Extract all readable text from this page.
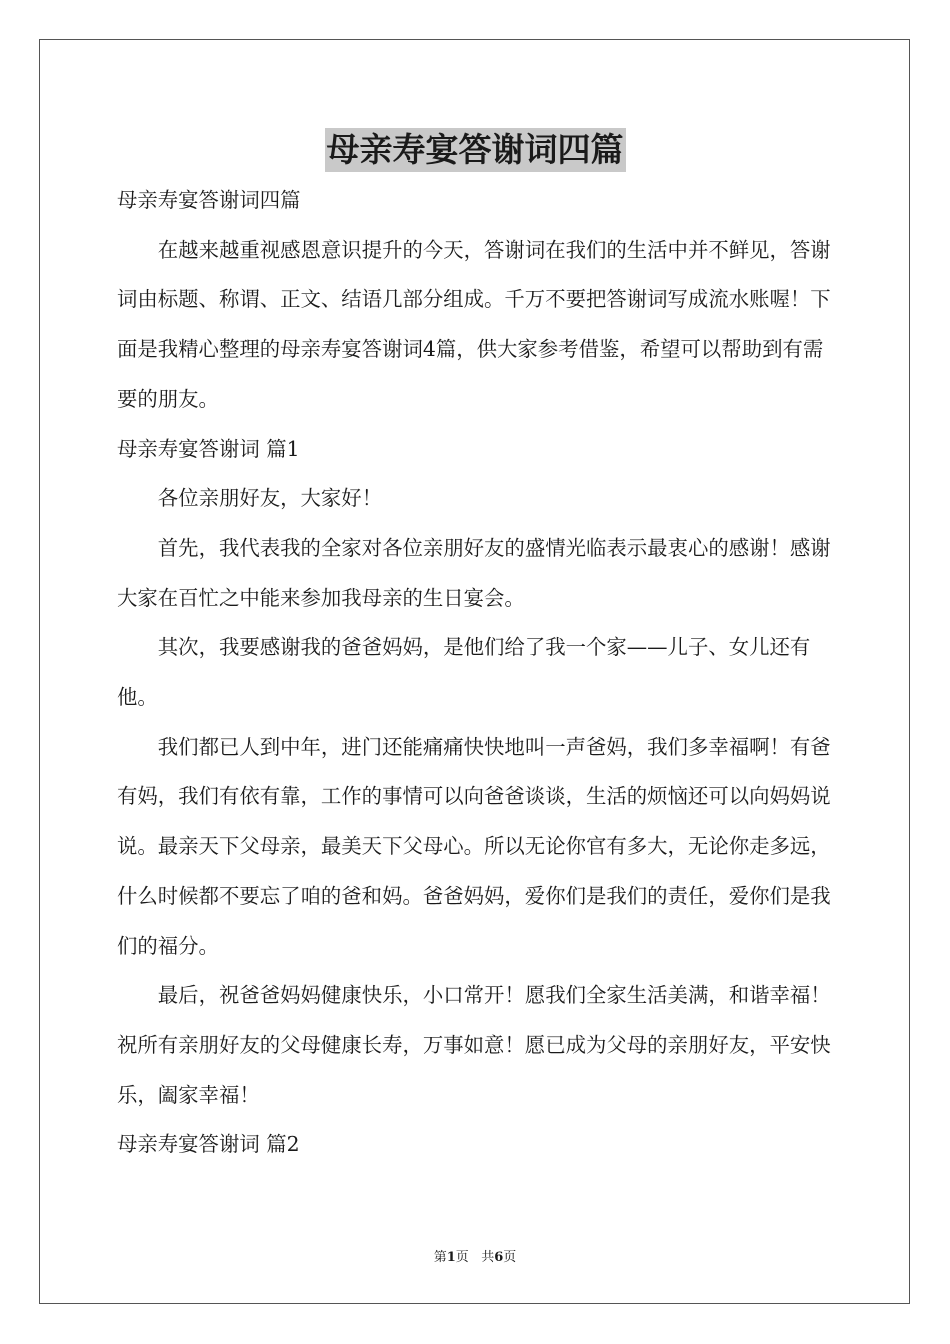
母亲寿宴答谢词四篇

母亲寿宴答谢词四篇

在越来越重视感恩意识提升的今天，答谢词在我们的生活中并不鲜见，答谢词由标题、称谓、正文、结语几部分组成。千万不要把答谢词写成流水账喔！下面是我精心整理的母亲寿宴答谢词4篇，供大家参考借鉴，希望可以帮助到有需要的朋友。

母亲寿宴答谢词 篇1

各位亲朋好友，大家好！

首先，我代表我的全家对各位亲朋好友的盛情光临表示最衷心的感谢！感谢大家在百忙之中能来参加我母亲的生日宴会。

其次，我要感谢我的爸爸妈妈，是他们给了我一个家——儿子、女儿还有他。

我们都已人到中年，进门还能痛痛快快地叫一声爸妈，我们多幸福啊！有爸有妈，我们有依有靠，工作的事情可以向爸爸谈谈，生活的烦恼还可以向妈妈说说。最亲天下父母亲，最美天下父母心。所以无论你官有多大，无论你走多远，什么时候都不要忘了咱的爸和妈。爸爸妈妈，爱你们是我们的责任，爱你们是我们的福分。

最后，祝爸爸妈妈健康快乐，小口常开！愿我们全家生活美满，和谐幸福！祝所有亲朋好友的父母健康长寿，万事如意！愿已成为父母的亲朋好友，平安快乐，阖家幸福！

母亲寿宴答谢词 篇2

第1页 共6页
